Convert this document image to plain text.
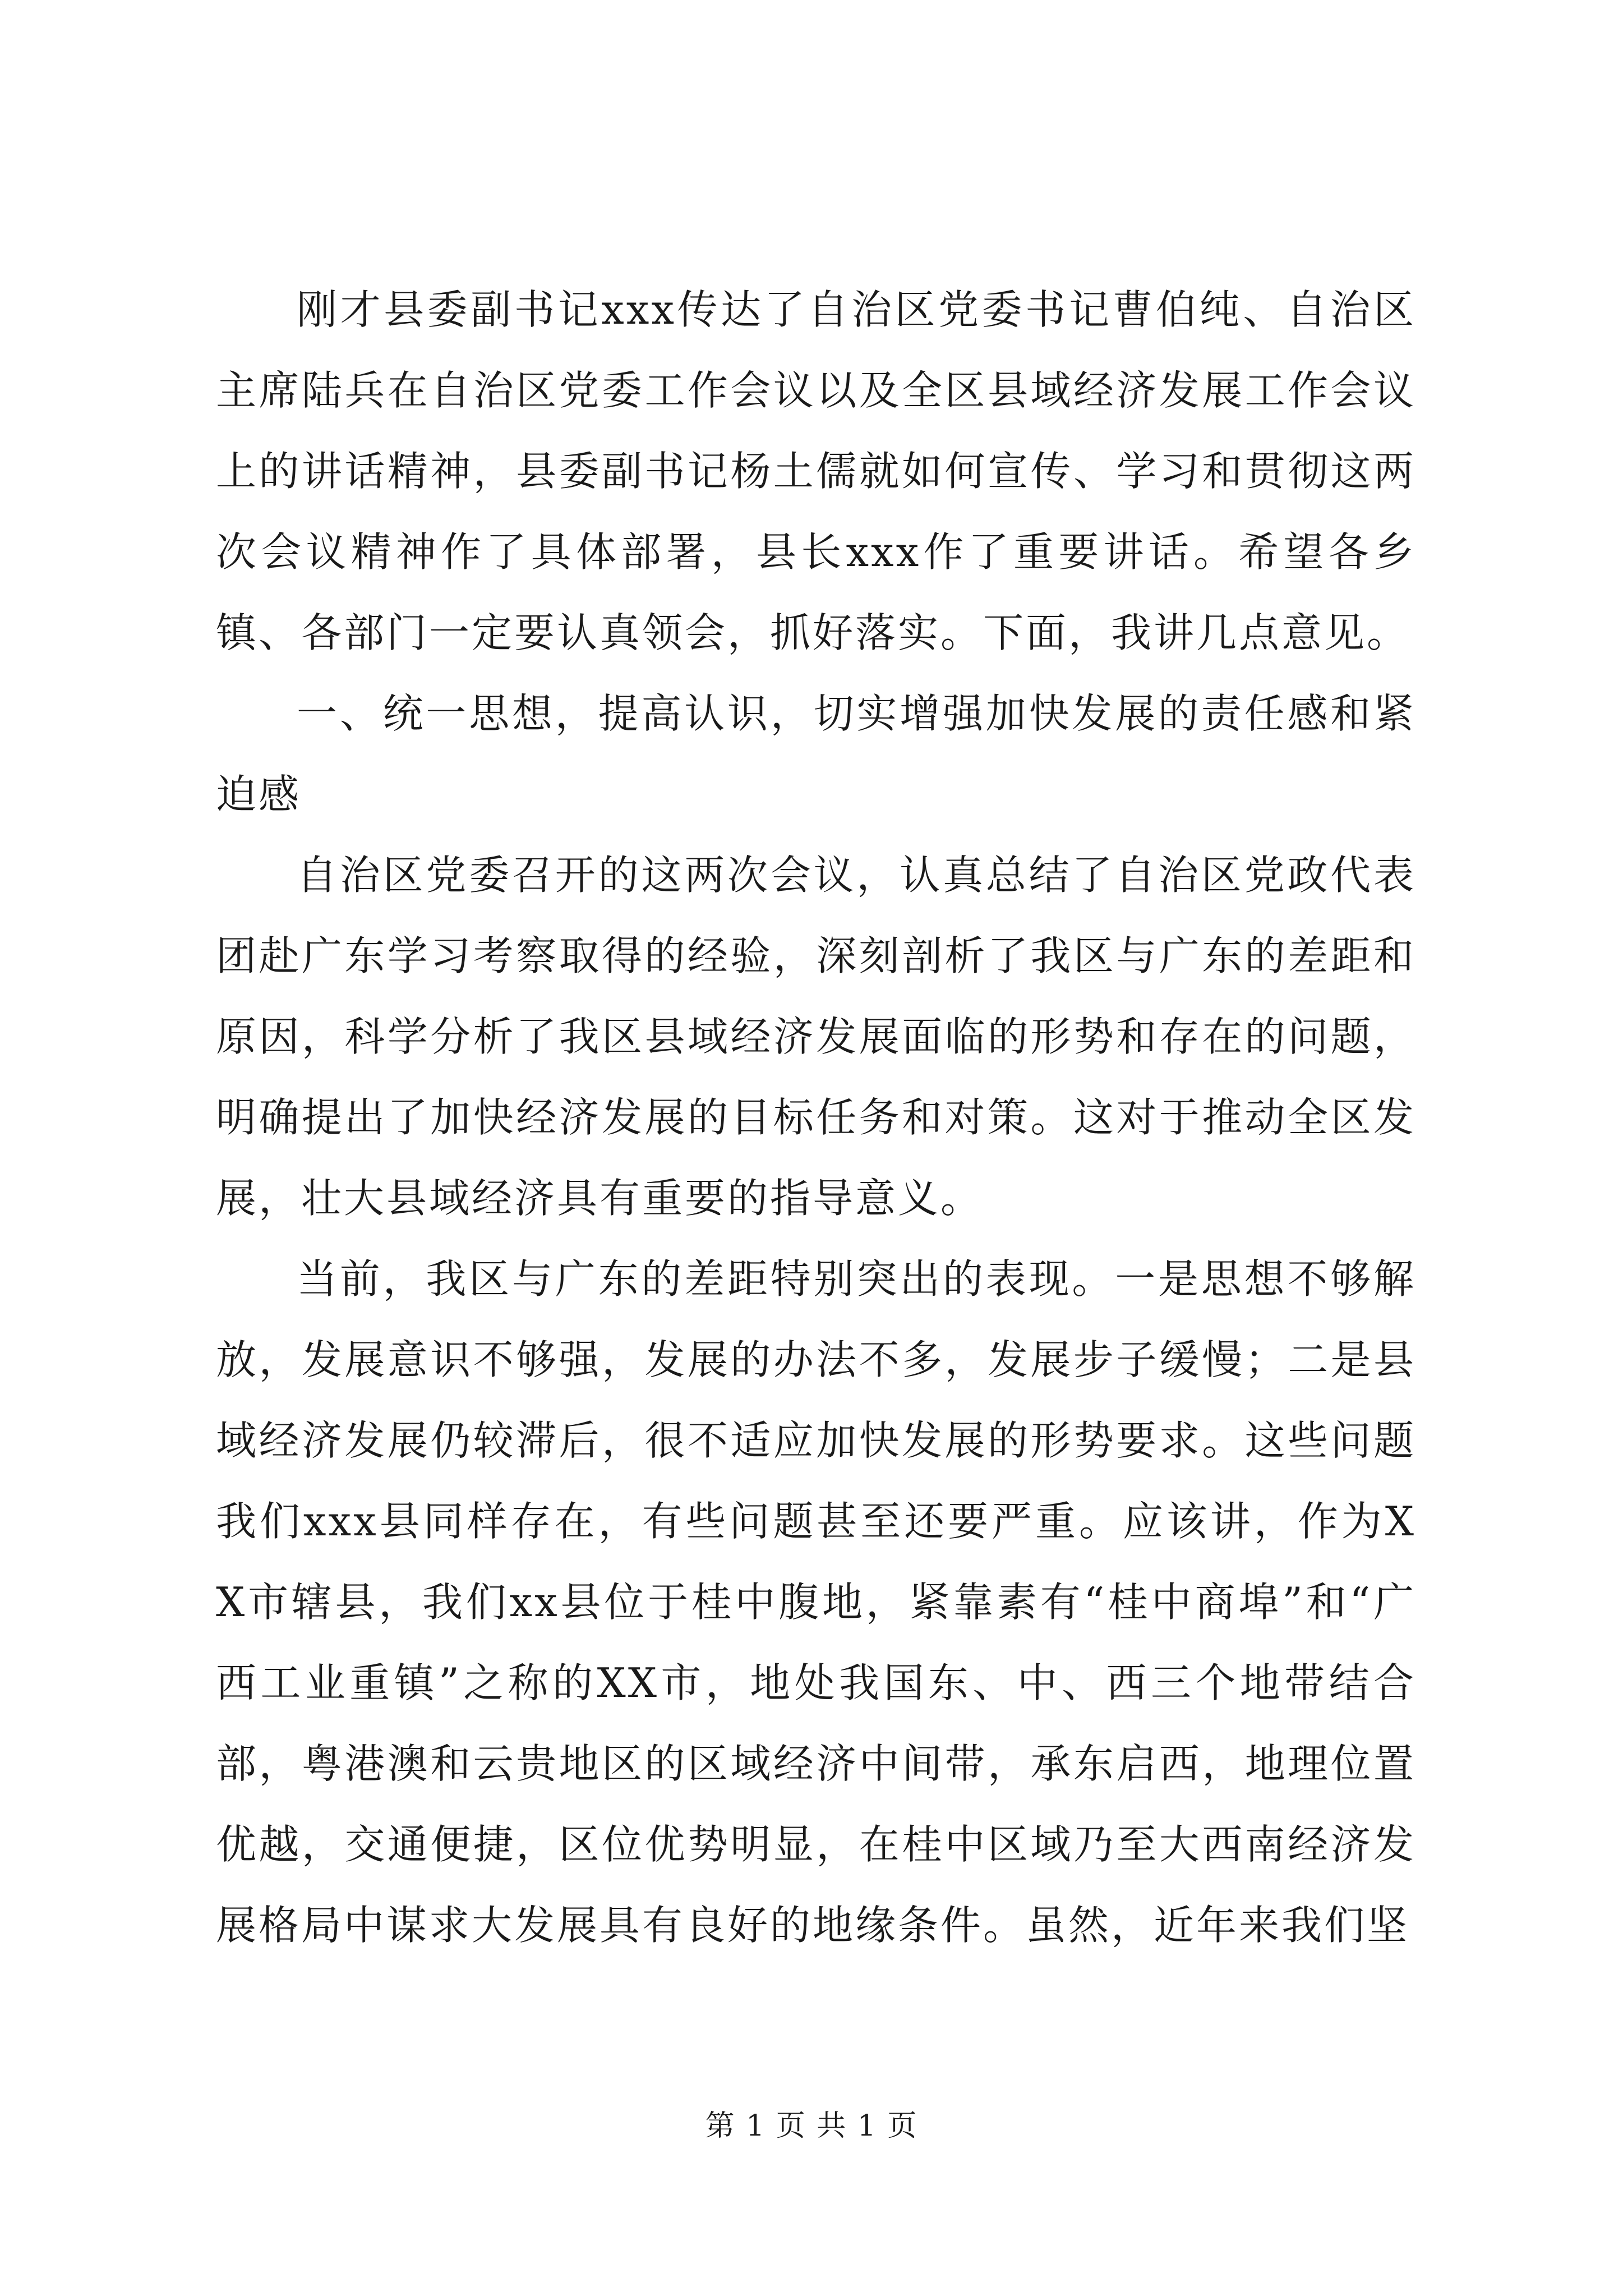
刚才县委副书记xxx传达了自治区党委书记曹伯纯、自治区主席陆兵在自治区党委工作会议以及全区县域经济发展工作会议上的讲话精神，县委副书记杨土儒就如何宣传、学习和贯彻这两次会议精神作了具体部署，县长xxx作了重要讲话。希望各乡镇、各部门一定要认真领会，抓好落实。下面，我讲几点意见。

一、统一思想，提高认识，切实增强加快发展的责任感和紧迫感

自治区党委召开的这两次会议，认真总结了自治区党政代表团赴广东学习考察取得的经验，深刻剖析了我区与广东的差距和原因，科学分析了我区县域经济发展面临的形势和存在的问题，明确提出了加快经济发展的目标任务和对策。这对于推动全区发展，壮大县域经济具有重要的指导意义。

当前，我区与广东的差距特别突出的表现。一是思想不够解放，发展意识不够强，发展的办法不多，发展步子缓慢；二是县域经济发展仍较滞后，很不适应加快发展的形势要求。这些问题我们xxx县同样存在，有些问题甚至还要严重。应该讲，作为XX市辖县，我们xx县位于桂中腹地，紧靠素有“桂中商埠”和“广西工业重镇”之称的XX市，地处我国东、中、西三个地带结合部，粤港澳和云贵地区的区域经济中间带，承东启西，地理位置优越，交通便捷，区位优势明显，在桂中区域乃至大西南经济发展格局中谋求大发展具有良好的地缘条件。虽然，近年来我们坚

第 1 页 共 1 页
